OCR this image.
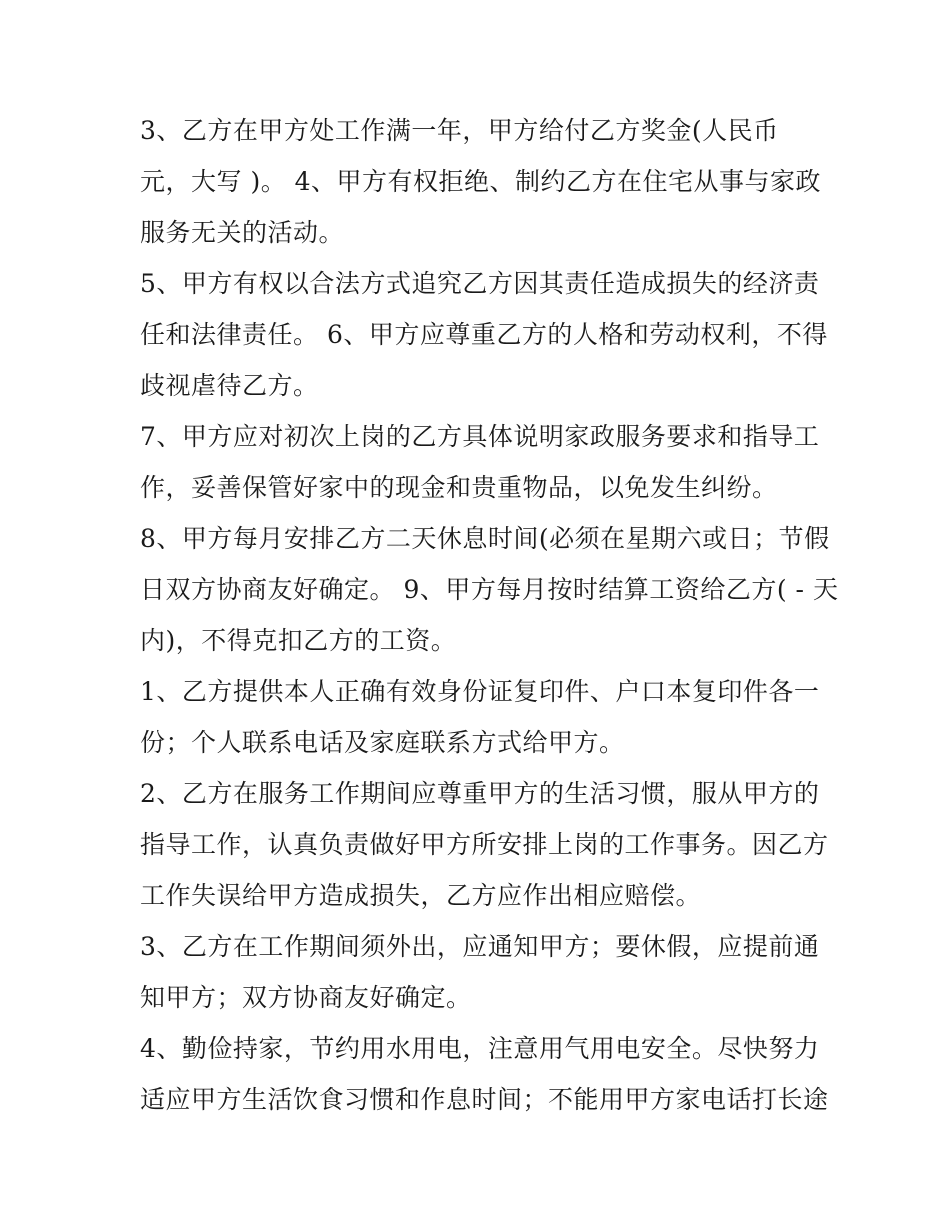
3、乙方在甲方处工作满一年，甲方给付乙方奖金(人民币
元，大写 )。 4、甲方有权拒绝、制约乙方在住宅从事与家政
服务无关的活动。
5、甲方有权以合法方式追究乙方因其责任造成损失的经济责
任和法律责任。 6、甲方应尊重乙方的人格和劳动权利，不得
歧视虐待乙方。
7、甲方应对初次上岗的乙方具体说明家政服务要求和指导工
作，妥善保管好家中的现金和贵重物品，以免发生纠纷。
8、甲方每月安排乙方二天休息时间(必须在星期六或日；节假
日双方协商友好确定。 9、甲方每月按时结算工资给乙方( - 天
内)，不得克扣乙方的工资。
1、乙方提供本人正确有效身份证复印件、户口本复印件各一
份；个人联系电话及家庭联系方式给甲方。
2、乙方在服务工作期间应尊重甲方的生活习惯，服从甲方的
指导工作，认真负责做好甲方所安排上岗的工作事务。因乙方
工作失误给甲方造成损失，乙方应作出相应赔偿。
3、乙方在工作期间须外出，应通知甲方；要休假，应提前通
知甲方；双方协商友好确定。
4、勤俭持家，节约用水用电，注意用气用电安全。尽快努力
适应甲方生活饮食习惯和作息时间；不能用甲方家电话打长途
